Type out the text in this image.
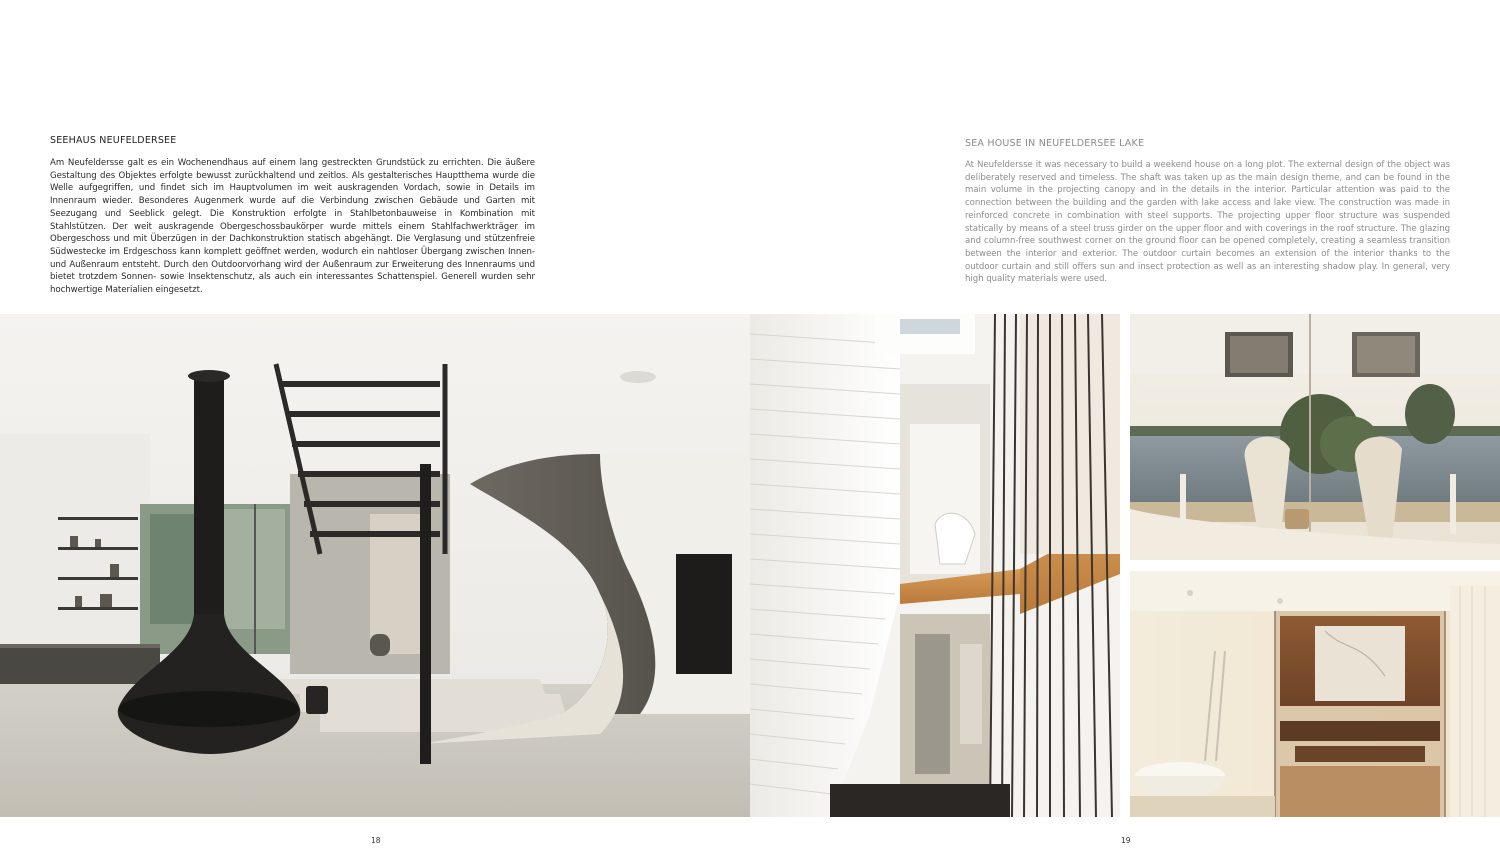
SEEHAUS NEUFELDERSEE

Am Neufeldersse galt es ein Wochenendhaus auf einem lang gestreckten Grundstück zu errichten. Die äußere Gestaltung des Objektes erfolgte bewusst zurückhaltend und zeitlos. Als gestalterisches Hauptthema wurde die Welle aufgegriffen, und findet sich im Hauptvolumen im weit auskragenden Vordach, sowie in Details im Innenraum wieder. Besonderes Augenmerk wurde auf die Verbindung zwischen Gebäude und Garten mit Seezugang und Seeblick gelegt. Die Konstruktion erfolgte in Stahlbetonbauweise in Kombination mit Stahlstützen. Der weit auskragende Obergeschossbaukörper wurde mittels einem Stahlfachwerkträger im Obergeschoss und mit Überzügen in der Dachkonstruktion statisch abgehängt. Die Verglasung und stützenfreie Südwestecke im Erdgeschoss kann komplett geöffnet werden, wodurch ein nahtloser Übergang zwischen Innen- und Außenraum entsteht. Durch den Outdoorvorhang wird der Außenraum zur Erweiterung des Innenraums und bietet trotzdem Sonnen- sowie Insektenschutz, als auch ein interessantes Schattenspiel. Generell wurden sehr hochwertige Materialien eingesetzt.

SEA HOUSE IN NEUFELDERSEE LAKE

At Neufeldersse it was necessary to build a weekend house on a long plot. The external design of the object was deliberately reserved and timeless. The shaft was taken up as the main design theme, and can be found in the main volume in the projecting canopy and in the details in the interior. Particular attention was paid to the connection between the building and the garden with lake access and lake view. The construction was made in reinforced concrete in combination with steel supports. The projecting upper floor structure was suspended statically by means of a steel truss girder on the upper floor and with coverings in the roof structure. The glazing and column-free southwest corner on the ground floor can be opened completely, creating a seamless transition between the interior and exterior. The outdoor curtain becomes an extension of the interior thanks to the outdoor curtain and still offers sun and insect protection as well as an interesting shadow play. In general, very high quality materials were used.

18	19
